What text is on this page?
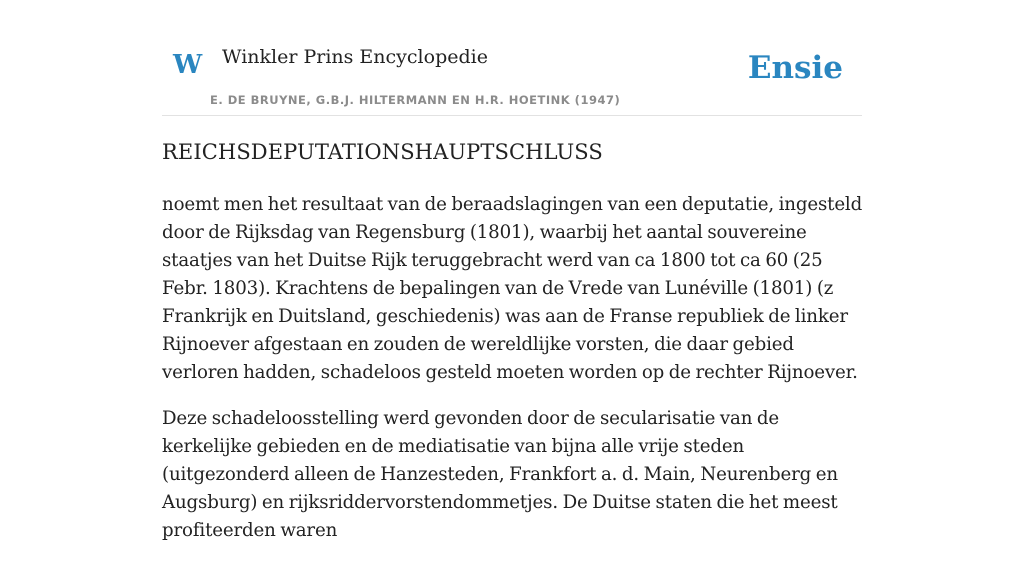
W Winkler Prins Encyclopedie
E. DE BRUYNE, G.B.J. HILTERMANN EN H.R. HOETINK (1947)
Ensie
REICHSDEPUTATIONSHAUPTSCHLUSS

noemt men het resultaat van de beraadslagingen van een deputatie, ingesteld door de Rijksdag van Regensburg (1801), waarbij het aantal souvereine staatjes van het Duitse Rijk teruggebracht werd van ca 1800 tot ca 60 (25 Febr. 1803). Krachtens de bepalingen van de Vrede van Lunéville (1801) (z Frankrijk en Duitsland, geschiedenis) was aan de Franse republiek de linker Rijnoever afgestaan en zouden de wereldlijke vorsten, die daar gebied verloren hadden, schadeloos gesteld moeten worden op de rechter Rijnoever.

Deze schadeloosstelling werd gevonden door de secularisatie van de kerkelijke gebieden en de mediatisatie van bijna alle vrije steden (uitgezonderd alleen de Hanzesteden, Frankfort a. d. Main, Neurenberg en Augsburg) en rijksriddervorstendommetjes. De Duitse staten die het meest profiteerden waren
